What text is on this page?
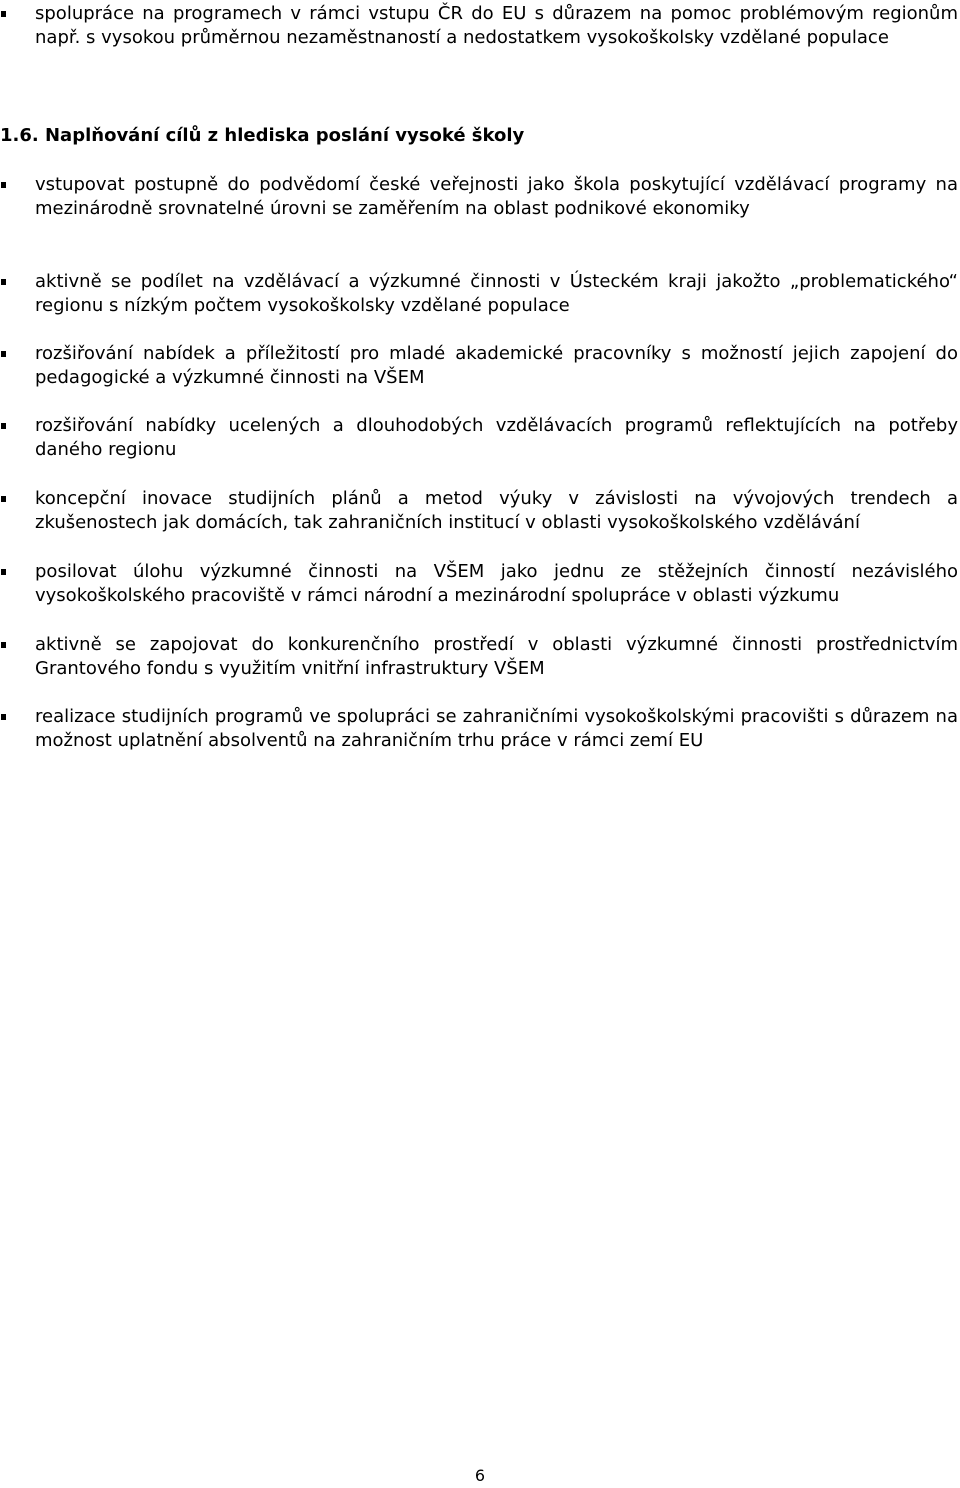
spolupráce na programech v rámci vstupu ČR do EU s důrazem na pomoc problémovým regionům např. s vysokou průměrnou nezaměstnaností a nedostatkem vysokoškolsky vzdělané populace
1.6. Naplňování cílů z hlediska poslání vysoké školy
vstupovat postupně do podvědomí české veřejnosti jako škola poskytující vzdělávací programy na mezinárodně srovnatelné úrovni se zaměřením na oblast podnikové ekonomiky
aktivně se podílet na vzdělávací a výzkumné činnosti v Ústeckém kraji jakožto „problematického“ regionu s nízkým počtem vysokoškolsky vzdělané populace
rozšiřování nabídek a příležitostí pro mladé akademické pracovníky s možností jejich zapojení do pedagogické a výzkumné činnosti na VŠEM
rozšiřování nabídky ucelených a dlouhodobých vzdělávacích programů reflektujících na potřeby daného regionu
koncepční inovace studijních plánů a metod výuky v závislosti na vývojových trendech a zkušenostech jak domácích, tak zahraničních institucí v oblasti vysokoškolského vzdělávání
posilovat úlohu výzkumné činnosti na VŠEM jako jednu ze stěžejních činností nezávislého vysokoškolského pracoviště v rámci národní a mezinárodní spolupráce v oblasti výzkumu
aktivně se zapojovat do konkurenčního prostředí v oblasti výzkumné činnosti prostřednictvím Grantového fondu s využitím vnitřní infrastruktury VŠEM
realizace studijních programů ve spolupráci se zahraničními vysokoškolskými pracovišti s důrazem na možnost uplatnění absolventů na zahraničním trhu práce v rámci zemí EU
6
